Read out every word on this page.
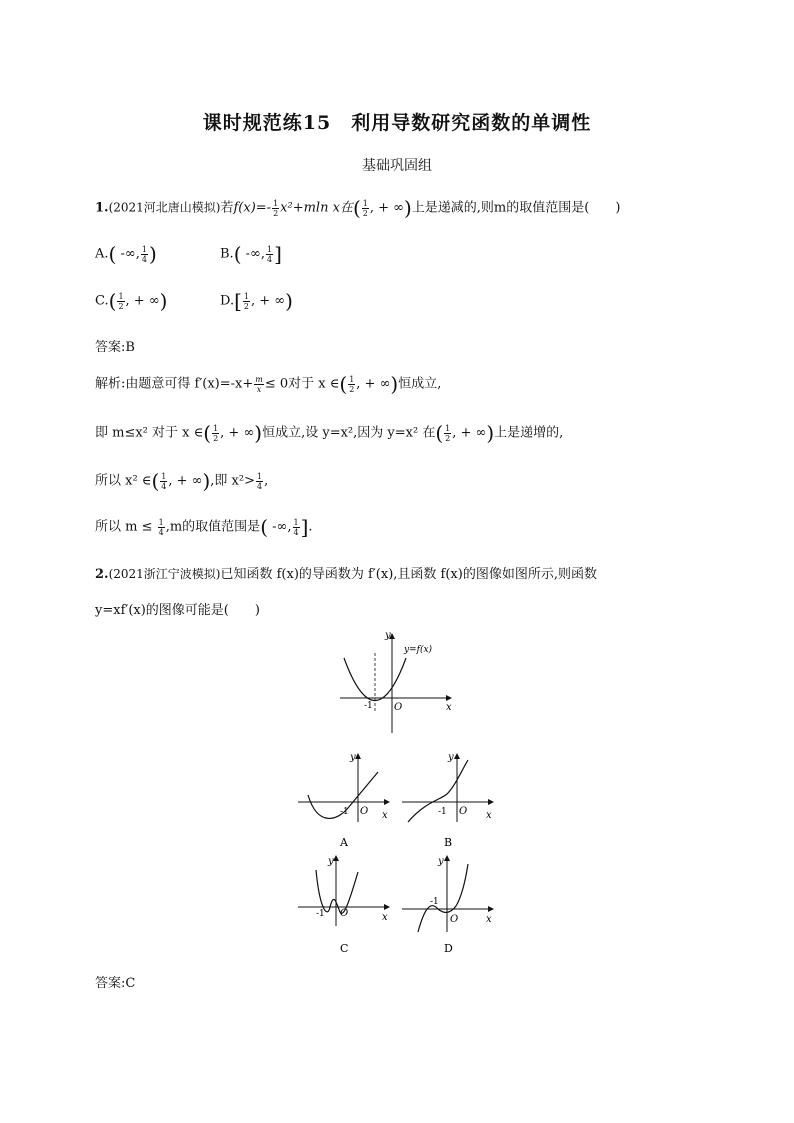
课时规范练15　利用导数研究函数的单调性
基础巩固组
1.(2021河北唐山模拟)若$f(x)=- \frac{1}{2} x^2+mln$ x在( $\frac{1}{2}$ , + ∞)上是递减的,则m的取值范围是(　　)
A.( -∞, $\frac{1}{4}$ )	B.( -∞, $\frac{1}{4}$ ]
$C.( \frac{1}{2}$ , + ∞)	$D.[ \frac{1}{2}$ , + ∞)
答案:B
解析:由题意可得 $f'(x)=-x+ \frac{m}{x} \le 0$对于 x ∈( $\frac{1}{2}$ , + ∞)恒成立,
即 m≤x² 对于 x ∈( $\frac{1}{2}$ , + ∞)恒成立,设 y=x²,因为 y=x² 在( $\frac{1}{2}$ , + ∞)上是递增的,
所以 x² ∈( $\frac{1}{4}$ , + ∞),即 $x^2> \frac{1}{4}$ ,
所以 $m \le \frac{1}{4} ,m$的取值范围是( -∞, $\frac{1}{4}$ ].
2.(2021浙江宁波模拟)已知函数 f(x)的导函数为 f′(x),且函数 f(x)的图像如图所示,则函数
y=xf′(x)的图像可能是(　　)
y
x
O
-1
y=f(x)
y
x
O
-1
A
y
x
O
-1
B
y
x
O
-1
C
y
x
O
-1
D
答案:C
